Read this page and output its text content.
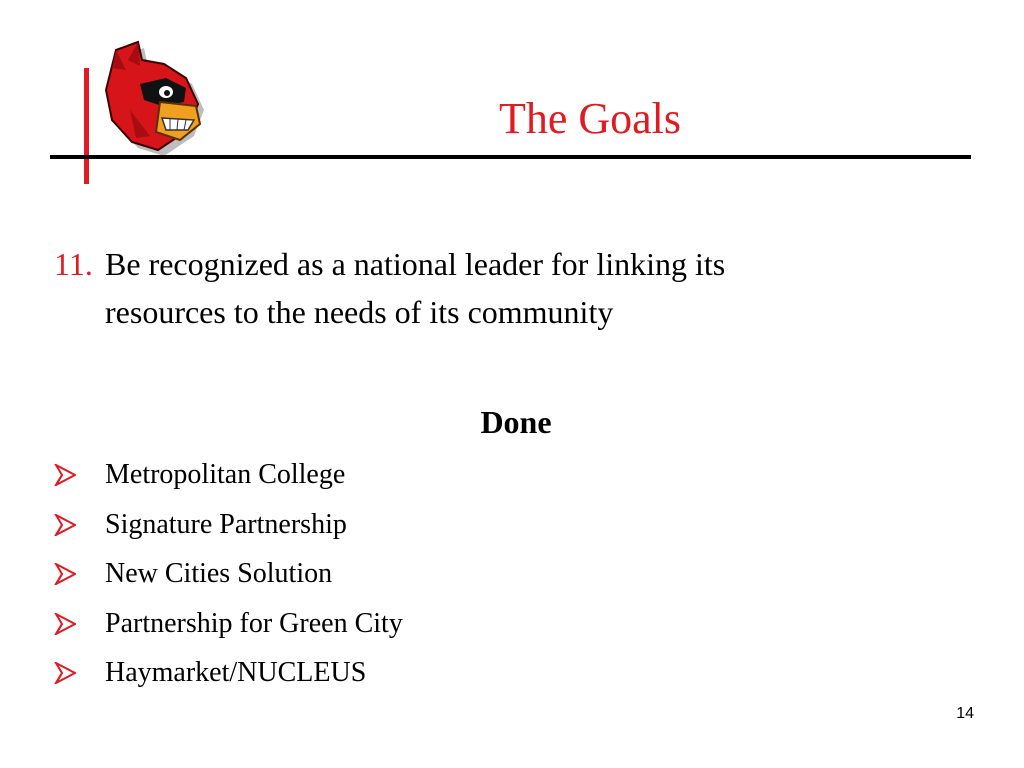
The Goals
11. Be recognized as a national leader for linking its
resources to the needs of its community
Done
Metropolitan College
Signature Partnership
New Cities Solution
Partnership for Green City
Haymarket/NUCLEUS
14
